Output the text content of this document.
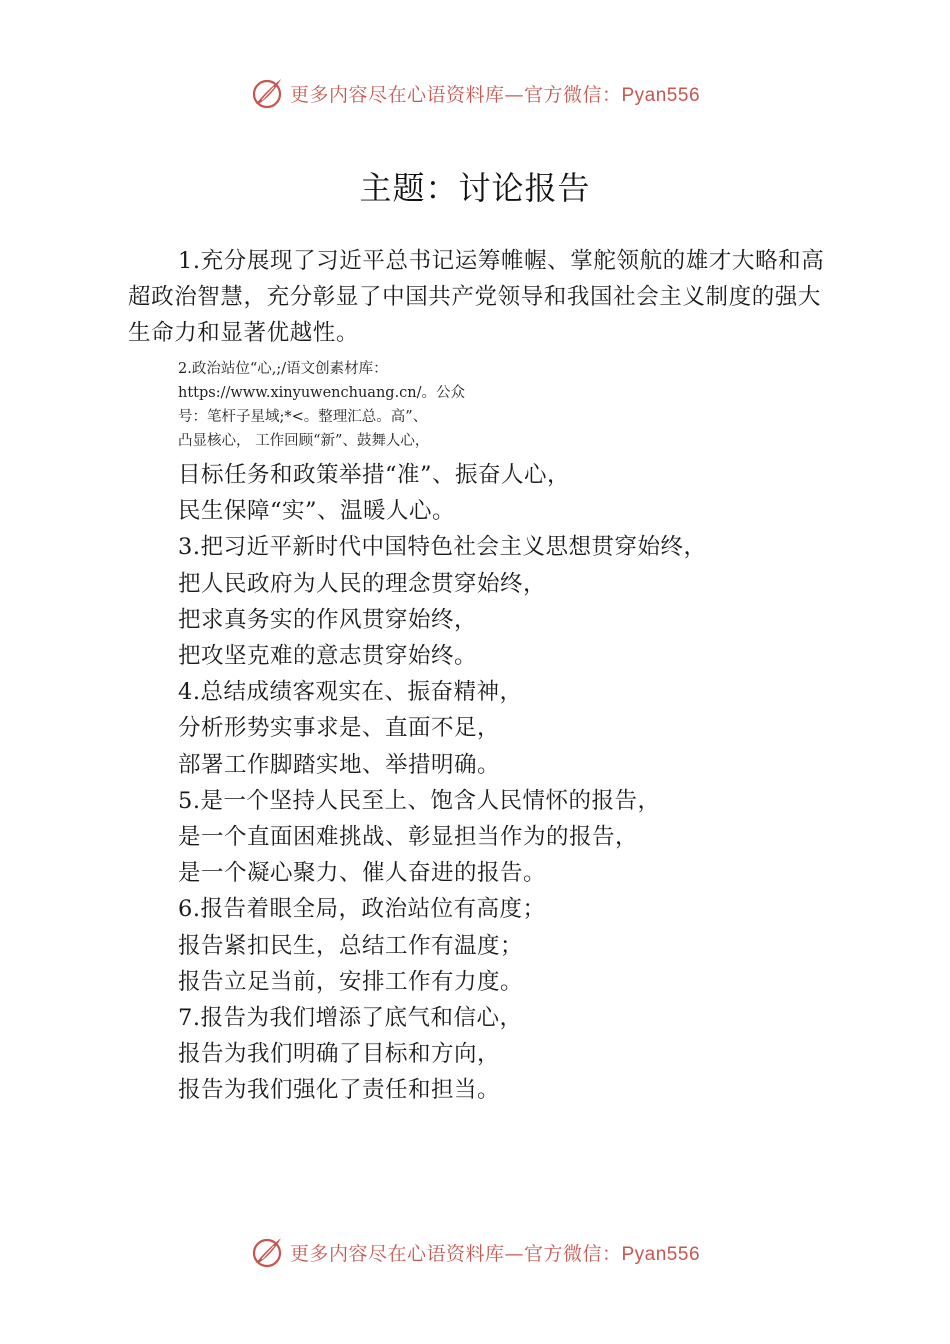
更多内容尽在心语资料库—官方微信：Pyan556
主题：讨论报告

1.充分展现了习近平总书记运筹帷幄、掌舵领航的雄才大略和高超政治智慧，充分彰显了中国共产党领导和我国社会主义制度的强大生命力和显著优越性。

2.政治站位“心,;/语文创素材库：

https://www.xinyuwenchuang.cn/。公众

号：笔杆子星域;*<。整理汇总。高”、

凸显核心， 工作回顾“新”、鼓舞人心，

目标任务和政策举措“准”、振奋人心，

民生保障“实”、温暖人心。

3.把习近平新时代中国特色社会主义思想贯穿始终，

把人民政府为人民的理念贯穿始终，

把求真务实的作风贯穿始终，

把攻坚克难的意志贯穿始终。

4.总结成绩客观实在、振奋精神，

分析形势实事求是、直面不足，

部署工作脚踏实地、举措明确。

5.是一个坚持人民至上、饱含人民情怀的报告，

是一个直面困难挑战、彰显担当作为的报告，

是一个凝心聚力、催人奋进的报告。

6.报告着眼全局，政治站位有高度；

报告紧扣民生，总结工作有温度；

报告立足当前，安排工作有力度。

7.报告为我们增添了底气和信心，

报告为我们明确了目标和方向，

报告为我们强化了责任和担当。

更多内容尽在心语资料库—官方微信：Pyan556
